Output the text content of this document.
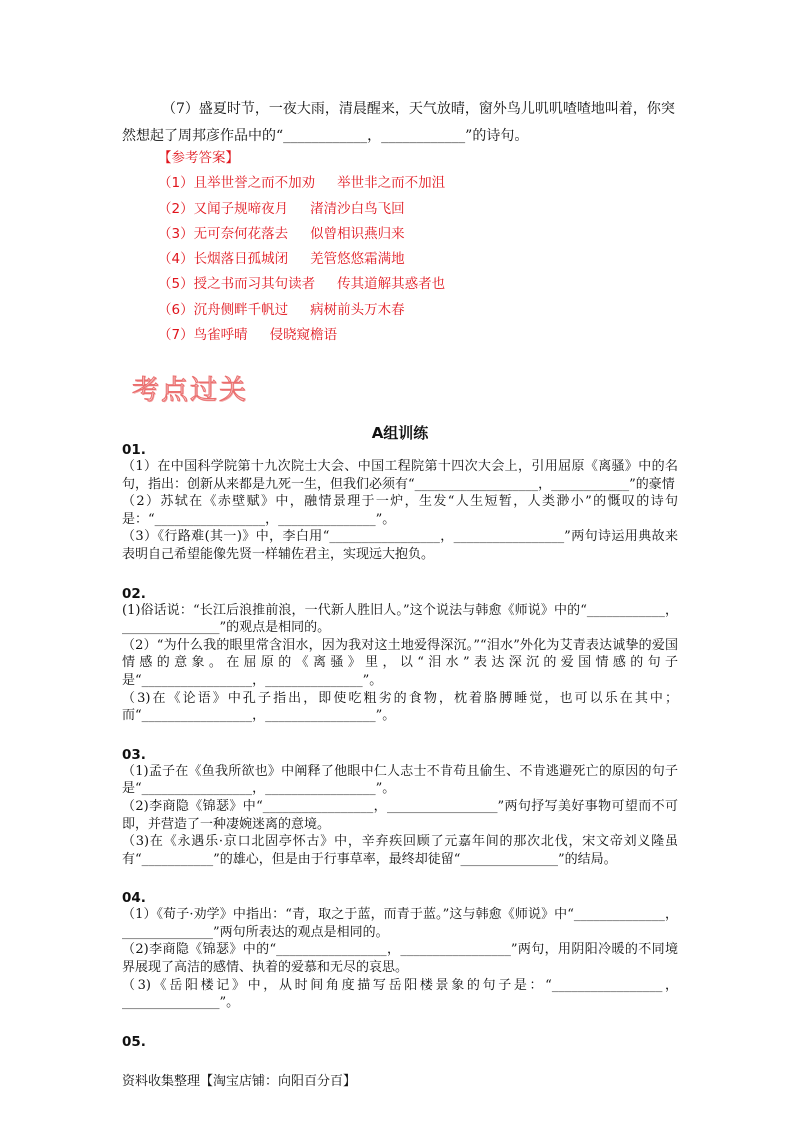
（7）盛夏时节，一夜大雨，清晨醒来，天气放晴，窗外鸟儿叽叽喳喳地叫着，你突然想起了周邦彦作品中的“____________，____________”的诗句。

【参考答案】

（1）且举世誉之而不加劝 举世非之而不加沮

（2）又闻子规啼夜月 渚清沙白鸟飞回

（3）无可奈何花落去 似曾相识燕归来

（4）长烟落日孤城闭 羌管悠悠霜满地

（5）授之书而习其句读者 传其道解其惑者也

（6）沉舟侧畔千帆过 病树前头万木春

（7）鸟雀呼晴 侵晓窥檐语

考点过关
A组训练

01.

（1）在中国科学院第十九次院士大会、中国工程院第十四次大会上，引用屈原《离骚》中的名句，指出：创新从来都是九死一生，但我们必须有“___________________，____________”的豪情

（2）苏轼在《赤壁赋》中，融情景理于一炉，生发“人生短暂，人类渺小”的慨叹的诗句是：“_________________，_______________”。

（3）《行路难(其一)》中，李白用“_________________，_________________”两句诗运用典故来表明自己希望能像先贤一样辅佐君主，实现远大抱负。

02.

(1)俗话说：“长江后浪推前浪，一代新人胜旧人。”这个说法与韩愈《师说》中的“____________，_______________”的观点是相同的。

（2）“为什么我的眼里常含泪水，因为我对这土地爱得深沉。”“泪水”外化为艾青表达诚挚的爱国情感的意象。在屈原的《离骚》里，以“泪水”表达深沉的爱国情感的句子是“_________________，_______________”。

（3)在《论语》中孔子指出，即使吃粗劣的食物，枕着胳膊睡觉，也可以乐在其中；而“_________________，_________________”。

03.

（1)孟子在《鱼我所欲也》中阐释了他眼中仁人志士不肯苟且偷生、不肯逃避死亡的原因的句子是“_________________，_________________”。

（2)李商隐《锦瑟》中“_________________，_________________”两句抒写美好事物可望而不可即，并营造了一种凄婉迷离的意境。

（3)在《永遇乐·京口北固亭怀古》中，辛弃疾回顾了元嘉年间的那次北伐，宋文帝刘义隆虽有“___________”的雄心，但是由于行事草率，最终却徒留“_______________”的结局。

04.

（1）《荀子·劝学》中指出：“青，取之于蓝，而青于蓝。”这与韩愈《师说》中“______________，______________”两句所表达的观点是相同的。

（2)李商隐《锦瑟》中的“_________________，_________________”两句，用阴阳冷暖的不同境界展现了高洁的感情、执着的爱慕和无尽的哀思。

（3)《岳阳楼记》中，从时间角度描写岳阳楼景象的句子是：“_________________，_______________”。

05.

资料收集整理【淘宝店铺：向阳百分百】
